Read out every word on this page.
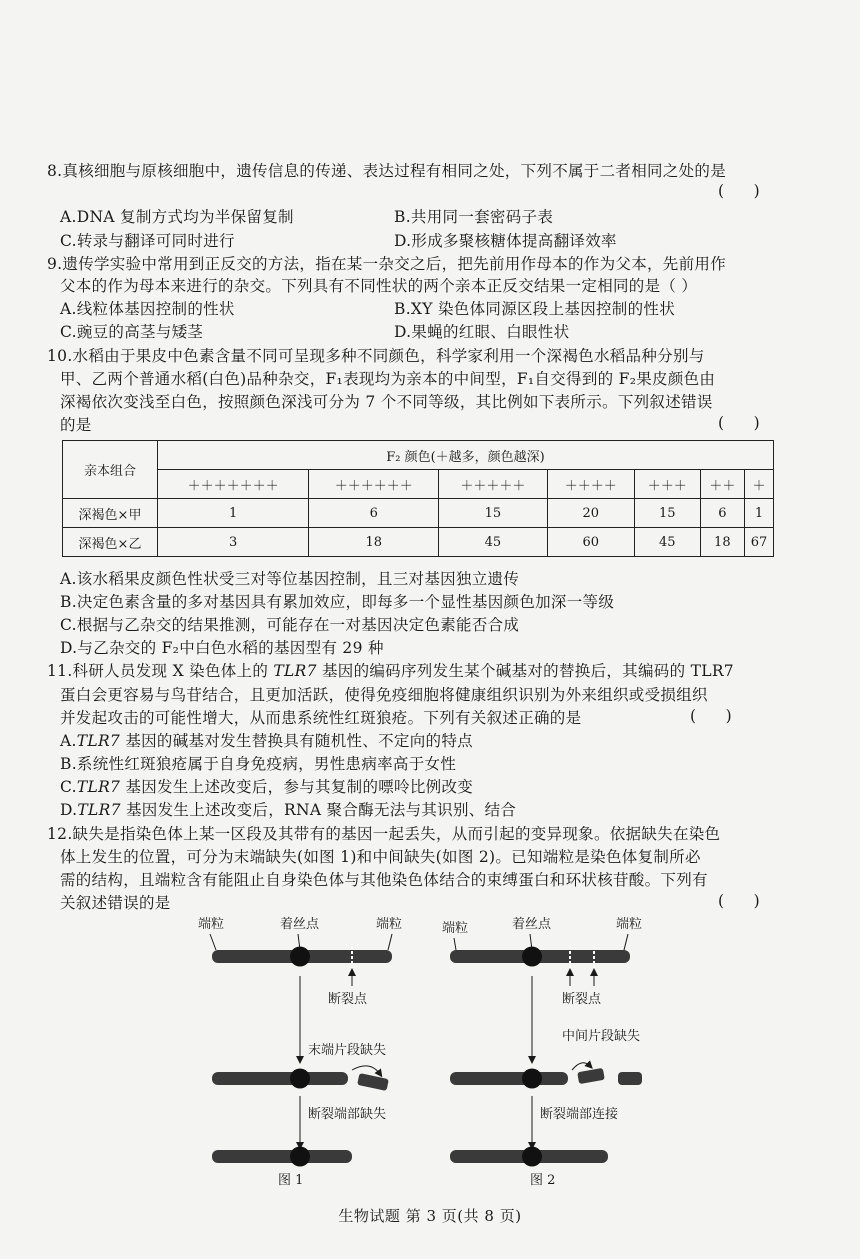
8.真核细胞与原核细胞中，遗传信息的传递、表达过程有相同之处，下列不属于二者相同之处的是
(      )
A.DNA 复制方式均为半保留复制	B.共用同一套密码子表
C.转录与翻译可同时进行	D.形成多聚核糖体提高翻译效率
9.遗传学实验中常用到正反交的方法，指在某一杂交之后，把先前用作母本的作为父本，先前用作
父本的作为母本来进行的杂交。下列具有不同性状的两个亲本正反交结果一定相同的是（ ）
A.线粒体基因控制的性状	B.XY 染色体同源区段上基因控制的性状
C.豌豆的高茎与矮茎	D.果蝇的红眼、白眼性状
10.水稻由于果皮中色素含量不同可呈现多种不同颜色，科学家利用一个深褐色水稻品种分别与
甲、乙两个普通水稻(白色)品种杂交，F₁表现均为亲本的中间型，F₁自交得到的 F₂果皮颜色由
深褐依次变浅至白色，按照颜色深浅可分为 7 个不同等级，其比例如下表所示。下列叙述错误
的是	(      )
亲本组合	F₂ 颜色(＋越多，颜色越深)						
	＋＋＋＋＋＋＋	＋＋＋＋＋＋	＋＋＋＋＋	＋＋＋＋	＋＋＋	＋＋	＋
深褐色×甲	1	6	15	20	15	6	1
深褐色×乙	3	18	45	60	45	18	67
A.该水稻果皮颜色性状受三对等位基因控制，且三对基因独立遗传
B.决定色素含量的多对基因具有累加效应，即每多一个显性基因颜色加深一等级
C.根据与乙杂交的结果推测，可能存在一对基因决定色素能否合成
D.与乙杂交的 F₂中白色水稻的基因型有 29 种
11.科研人员发现 X 染色体上的 TLR7 基因的编码序列发生某个碱基对的替换后，其编码的 TLR7
蛋白会更容易与鸟苷结合，且更加活跃，使得免疫细胞将健康组织识别为外来组织或受损组织
并发起攻击的可能性增大，从而患系统性红斑狼疮。下列有关叙述正确的是	(      )
A.TLR7 基因的碱基对发生替换具有随机性、不定向的特点
B.系统性红斑狼疮属于自身免疫病，男性患病率高于女性
C.TLR7 基因发生上述改变后，参与其复制的嘌呤比例改变
D.TLR7 基因发生上述改变后，RNA 聚合酶无法与其识别、结合
12.缺失是指染色体上某一区段及其带有的基因一起丢失，从而引起的变异现象。依据缺失在染色
体上发生的位置，可分为末端缺失(如图 1)和中间缺失(如图 2)。已知端粒是染色体复制所必
需的结构，且端粒含有能阻止自身染色体与其他染色体结合的束缚蛋白和环状核苷酸。下列有
关叙述错误的是	(      )
端粒	着丝点	端粒
断裂点
末端片段缺失
断裂端部缺失
图 1
端粒	着丝点	端粒
断裂点
中间片段缺失
断裂端部连接
图 2
生物试题 第 3 页(共 8 页)
